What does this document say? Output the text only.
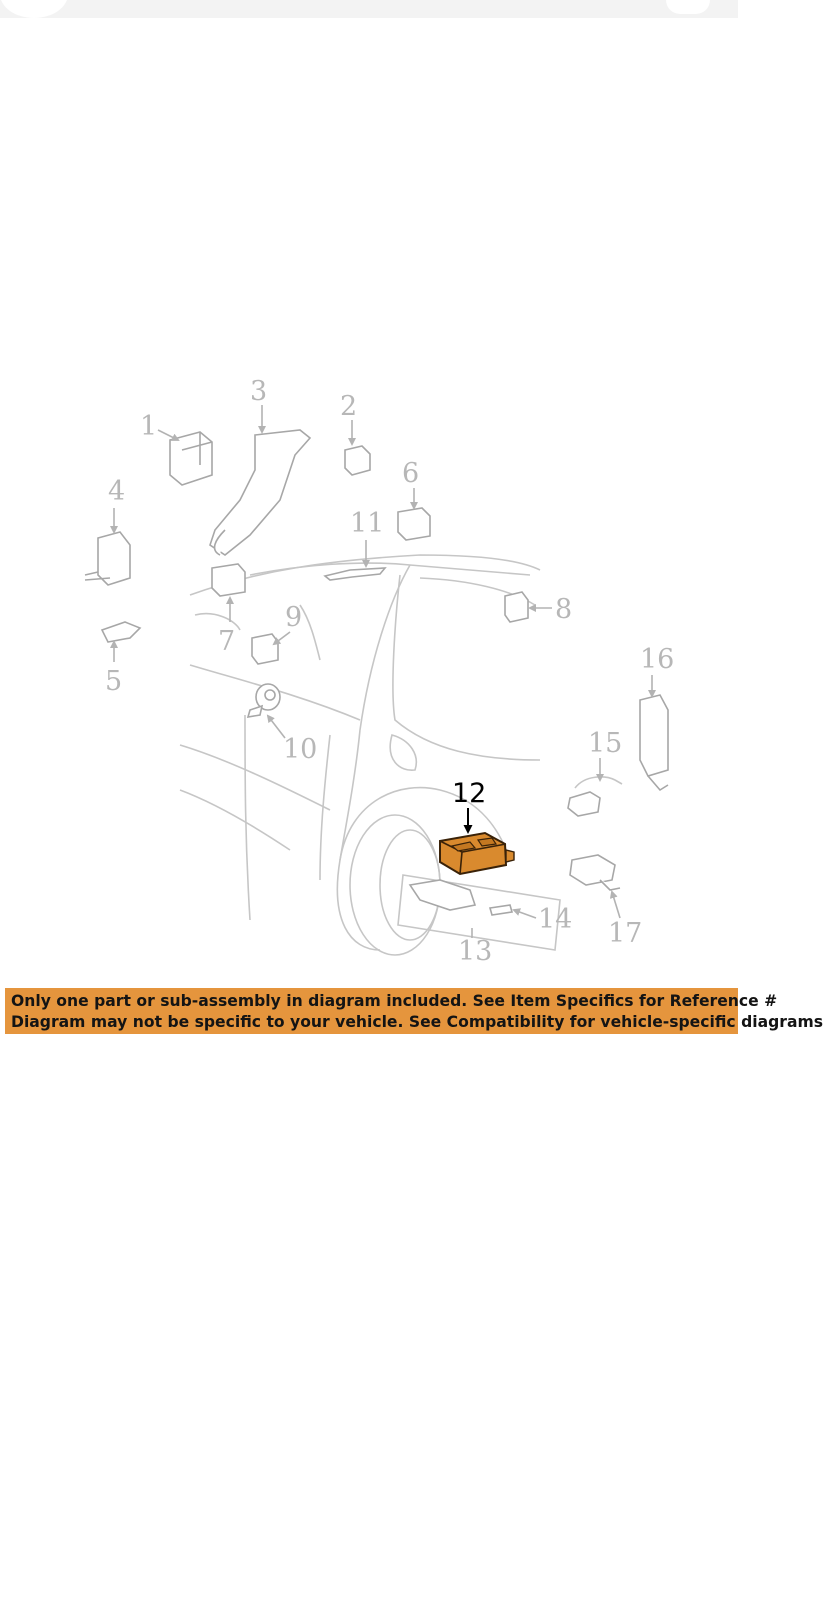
1
2
3
4
5
6
7
8
9
10
11
12
13
14
15
16
17
Only one part or sub-assembly in diagram included. See Item Specifics for Reference #
Diagram may not be specific to your vehicle. See Compatibility for vehicle-specific diagrams
